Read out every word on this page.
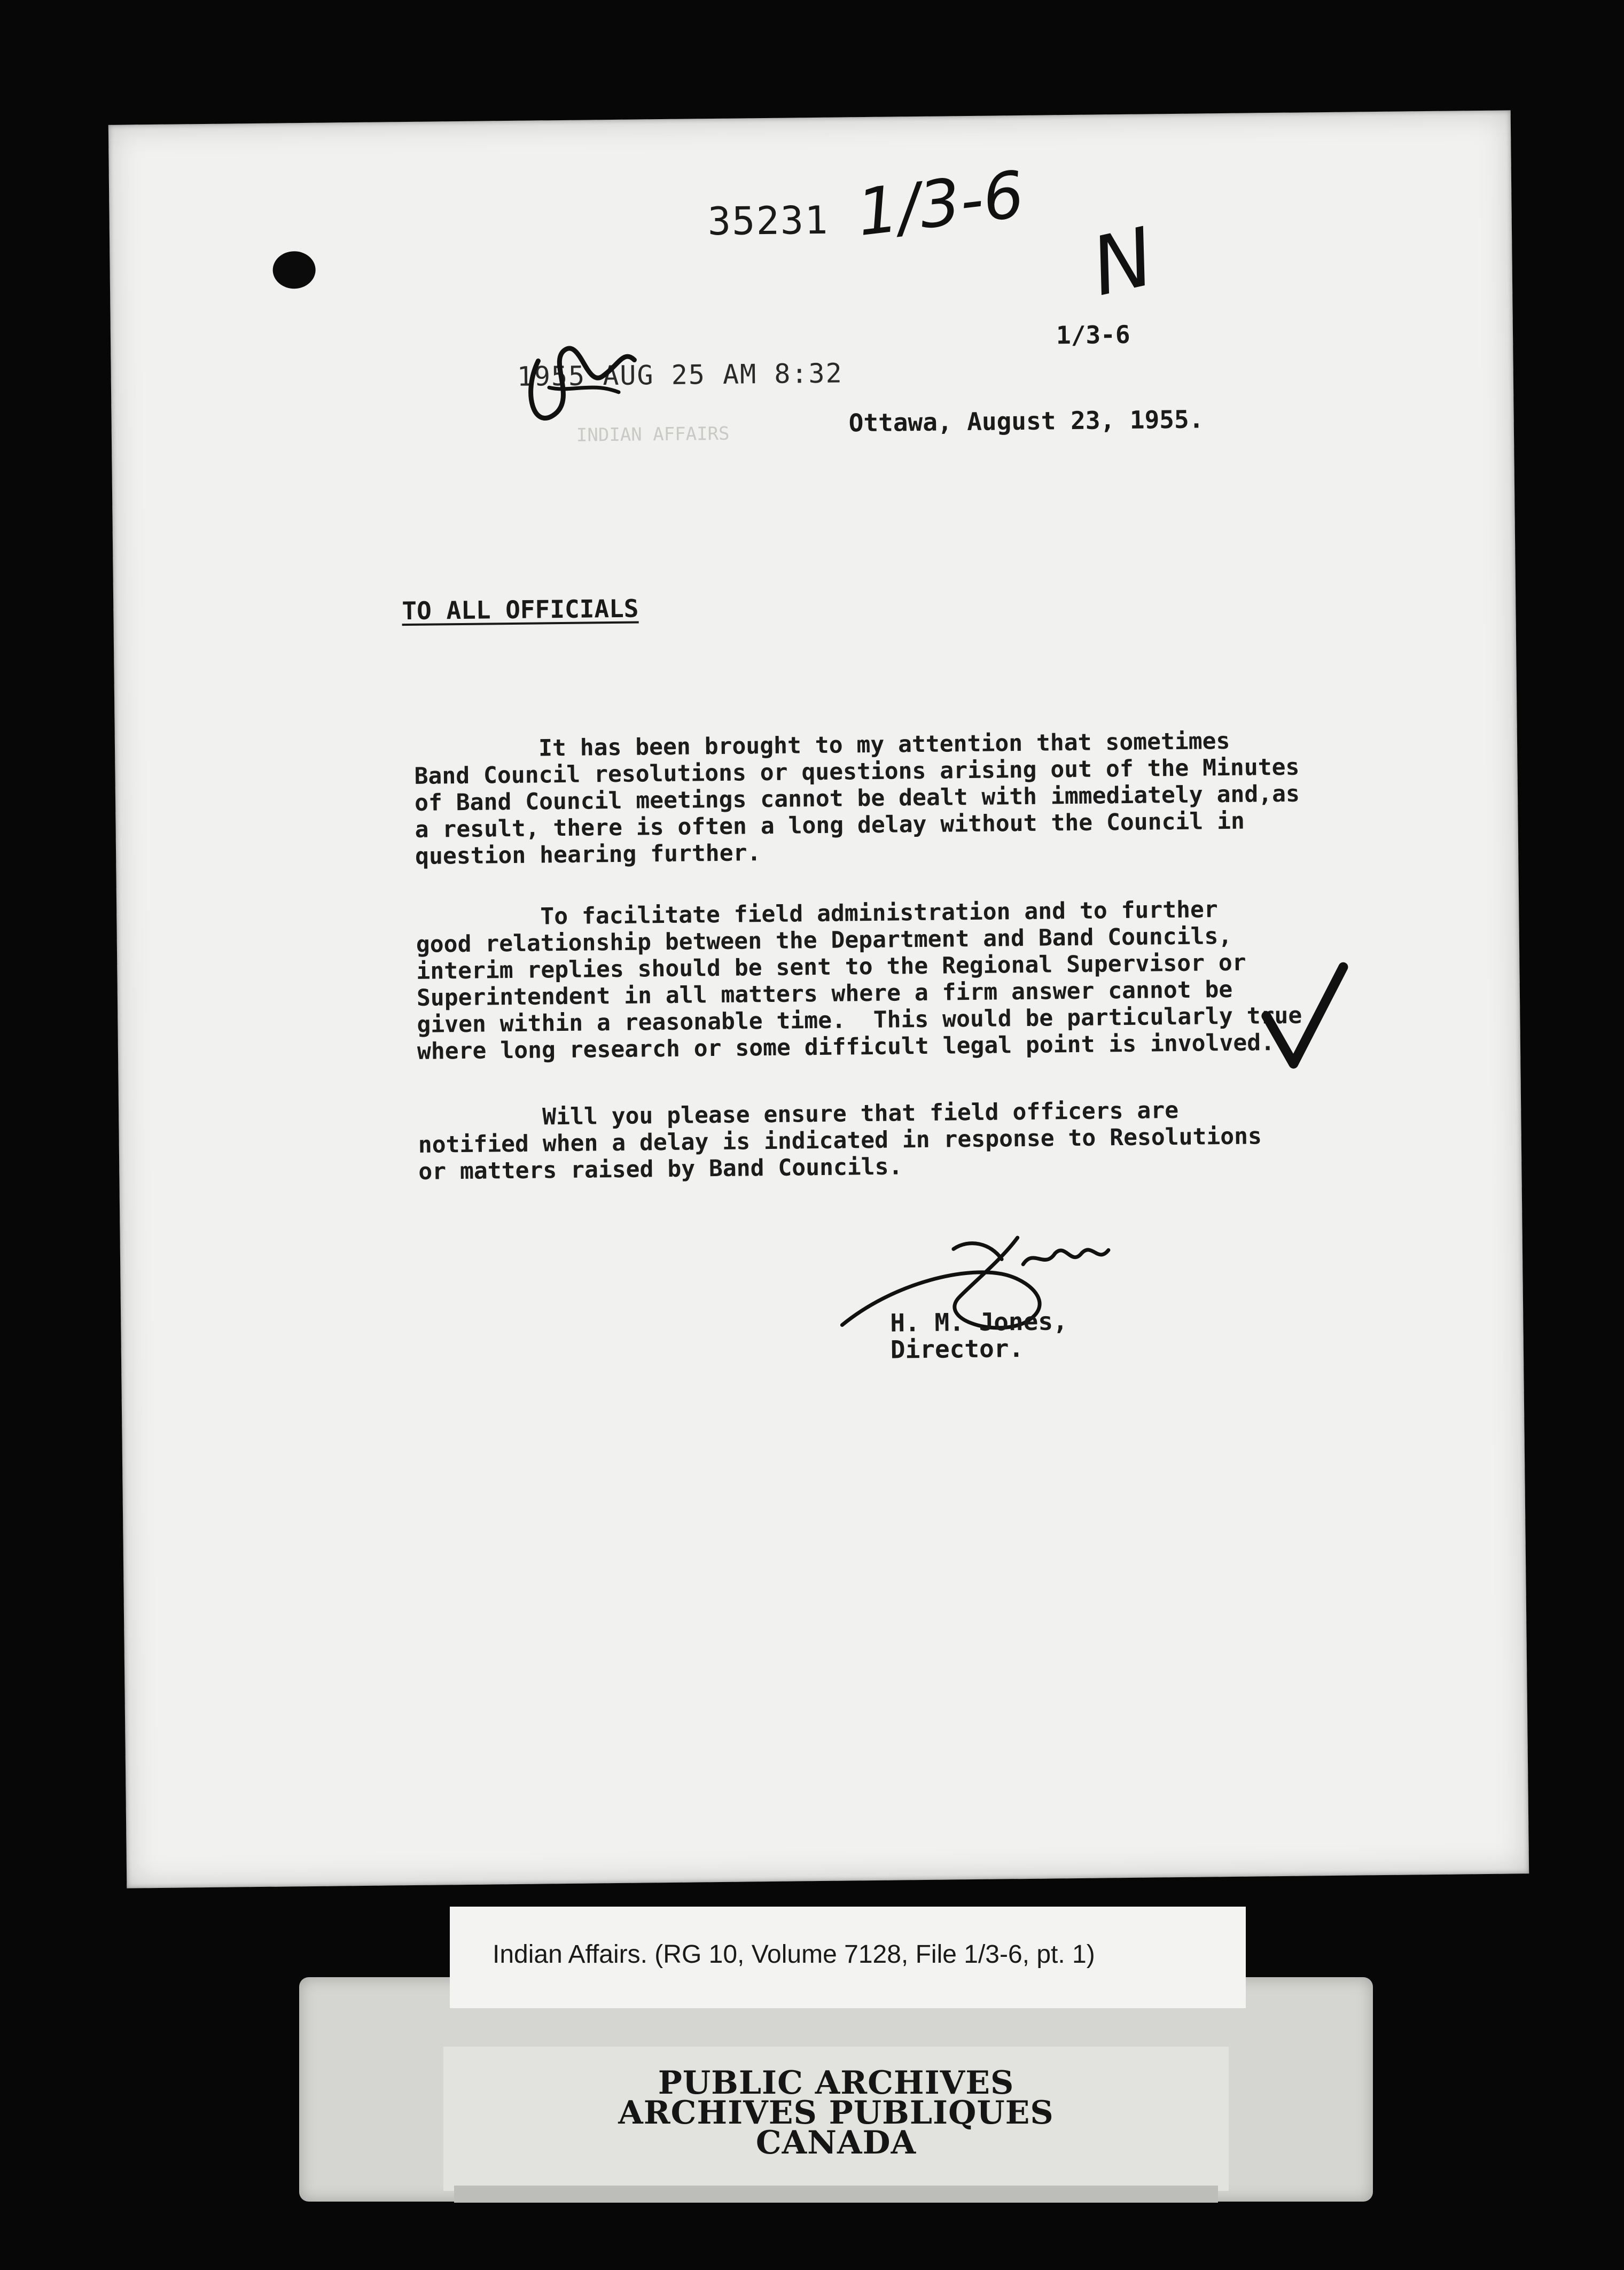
35231 1/3-6
N
1/3-6
1955 AUG 25 AM 8:32
INDIAN AFFAIRS	Ottawa, August 23, 1955.
TO ALL OFFICIALS
It has been brought to my attention that sometimes
Band Council resolutions or questions arising out of the Minutes
of Band Council meetings cannot be dealt with immediately and,as
a result, there is often a long delay without the Council in
question hearing further.
To facilitate field administration and to further
good relationship between the Department and Band Councils,
interim replies should be sent to the Regional Supervisor or
Superintendent in all matters where a firm answer cannot be
given within a reasonable time.  This would be particularly true
where long research or some difficult legal point is involved.
Will you please ensure that field officers are
notified when a delay is indicated in response to Resolutions
or matters raised by Band Councils.
H. M. Jones,
Director.
PUBLIC ARCHIVES
ARCHIVES PUBLIQUES
CANADA
Indian Affairs. (RG 10, Volume 7128, File 1/3-6, pt. 1)
